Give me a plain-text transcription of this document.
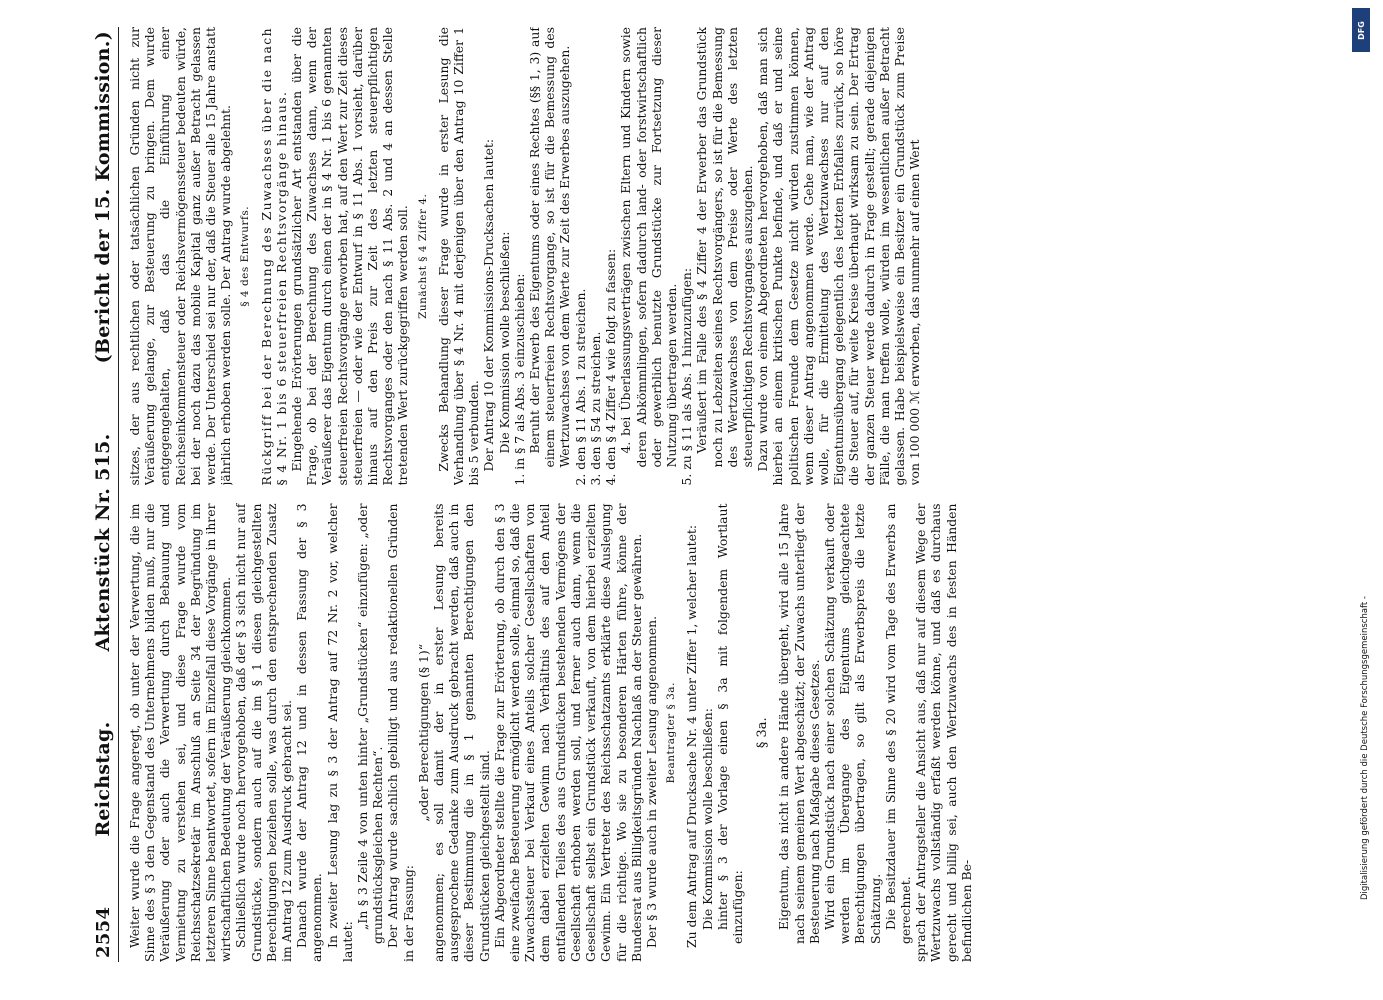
2554
Reichstag.
Aktenstück Nr. 515.
(Bericht der 15. Kommission.)

Weiter wurde die Frage angeregt, ob unter der Verwertung, die im Sinne des § 3 den Gegenstand des Unternehmens bilden muß, nur die Veräußerung oder auch die Verwertung durch Bebauung und Vermietung zu verstehen sei, und diese Frage wurde vom Reichsschatzsekretär im Anschluß an Seite 34 der Begründung im letzteren Sinne beantwortet, sofern im Einzelfall diese Vorgänge in ihrer wirtschaftlichen Bedeutung der Veräußerung gleichkommen. Schließlich wurde noch hervorgehoben, daß der § 3 sich nicht nur auf Grundstücke, sondern auch auf die im § 1 diesen gleichgestellten Berechtigungen beziehen solle, was durch den entsprechenden Zusatz im Antrag 12 zum Ausdruck gebracht sei. Danach wurde der Antrag 12 und in dessen Fassung der § 3 angenommen. In zweiter Lesung lag zu § 3 der Antrag auf 72 Nr. 2 vor, welcher lautet:

„In § 3 Zeile 4 von unten hinter „Grundstücken“ einzufügen: „oder grundstücksgleichen Rechten“. Der Antrag wurde sachlich gebilligt und aus redaktionellen Gründen in der Fassung:

„oder Berechtigungen (§ 1)“ angenommen; es soll damit der in erster Lesung bereits ausgesprochene Gedanke zum Ausdruck gebracht werden, daß auch in dieser Bestimmung die in § 1 genannten Berechtigungen den Grundstücken gleichgestellt sind. Ein Abgeordneter stellte die Frage zur Erörterung, ob durch den § 3 eine zweifache Besteuerung ermöglicht werden solle, einmal so, daß die Zuwachssteuer bei Verkauf eines Anteils solcher Gesellschaften von dem dabei erzielten Gewinn nach Verhältnis des auf den Anteil entfallenden Teiles des aus Grundstücken bestehenden Vermögens der Gesellschaft erhoben werden soll, und ferner auch dann, wenn die Gesellschaft selbst ein Grundstück verkauft, von dem hierbei erzielten Gewinn. Ein Vertreter des Reichsschatzamts erklärte diese Auslegung für die richtige. Wo sie zu besonderen Härten führe, könne der Bundesrat aus Billigkeitsgründen Nachlaß an der Steuer gewähren. Der § 3 wurde auch in zweiter Lesung angenommen. Beantragter § 3a. Zu dem Antrag auf Drucksache Nr. 4 unter Ziffer 1, welcher lautet: Die Kommission wolle beschließen: hinter § 3 der Vorlage einen § 3a mit folgendem Wortlaut einzufügen:

§ 3a. Eigentum, das nicht in andere Hände übergeht, wird alle 15 Jahre nach seinem gemeinen Wert abgeschätzt; der Zuwachs unterliegt der Besteuerung nach Maßgabe dieses Gesetzes. Wird ein Grundstück nach einer solchen Schätzung verkauft oder werden im Übergange des Eigentums gleichgeachtete Berechtigungen übertragen, so gilt als Erwerbspreis die letzte Schätzung. Die Besitzdauer im Sinne des § 20 wird vom Tage des Erwerbs an gerechnet. sprach der Antragsteller die Ansicht aus, daß nur auf diesem Wege der Wertzuwachs vollständig erfaßt werden könne, und daß es durchaus gerecht und billig sei, auch den Wertzuwachs des in festen Händen befindlichen Be-

sitzes, der aus rechtlichen oder tatsächlichen Gründen nicht zur Veräußerung gelange, zur Besteuerung zu bringen. Dem wurde entgegengehalten, daß das die Einführung einer Reichseinkommensteuer oder Reichsvermögenssteuer bedeuten würde, bei der noch dazu das mobile Kapital ganz außer Betracht gelassen werde. Der Unterschied sei nur der, daß die Steuer alle 15 Jahre anstatt jährlich erhoben werden solle. Der Antrag wurde abgelehnt. § 4 des Entwurfs. Rückgriff bei der Berechnung des Zuwachses über die nach § 4 Nr. 1 bis 6 steuerfreien Rechtsvorgänge hinaus. Eingehende Erörterungen grundsätzlicher Art entstanden über die Frage, ob bei der Berechnung des Zuwachses dann, wenn der Veräußerer das Eigentum durch einen der in § 4 Nr. 1 bis 6 genannten steuerfreien Rechtsvorgänge erworben hat, auf den Wert zur Zeit dieses steuerfreien — oder wie der Entwurf in § 11 Abs. 1 vorsieht, darüber hinaus auf den Preis zur Zeit des letzten steuerpflichtigen Rechtsvorganges oder den nach § 11 Abs. 2 und 4 an dessen Stelle tretenden Wert zurückgegriffen werden soll. Zunächst § 4 Ziffer 4. Zwecks Behandlung dieser Frage wurde in erster Lesung die Verhandlung über § 4 Nr. 4 mit derjenigen über den Antrag 10 Ziffer 1 bis 5 verbunden. Der Antrag 10 der Kommissions-Drucksachen lautet: Die Kommission wolle beschließen: 1. in § 7 als Abs. 3 einzuschieben: Beruht der Erwerb des Eigentums oder eines Rechtes (§§ 1, 3) auf einem steuerfreien Rechtsvorgange, so ist für die Bemessung des Wertzuwachses von dem Werte zur Zeit des Erwerbes auszugehen. 2. den § 11 Abs. 1 zu streichen. 3. den § 54 zu streichen. 4. den § 4 Ziffer 4 wie folgt zu fassen: 4. bei Überlassungsverträgen zwischen Eltern und Kindern sowie deren Abkömmlingen, sofern dadurch land- oder forstwirtschaftlich oder gewerblich benutzte Grundstücke zur Fortsetzung dieser Nutzung übertragen werden. 5. zu § 11 als Abs. 1 hinzuzufügen: Veräußert im Falle des § 4 Ziffer 4 der Erwerber das Grundstück noch zu Lebzeiten seines Rechtsvorgängers, so ist für die Bemessung des Wertzuwachses von dem Preise oder Werte des letzten steuerpflichtigen Rechtsvorganges auszugehen. Dazu wurde von einem Abgeordneten hervorgehoben, daß man sich hierbei an einem kritischen Punkte befinde, und daß er und seine politischen Freunde dem Gesetze nicht würden zustimmen können, wenn dieser Antrag angenommen werde. Gehe man, wie der Antrag wolle, für die Ermittelung des Wertzuwachses nur auf den Eigentumsübergang gelegentlich des letzten Erbfalles zurück, so höre die Steuer auf, für weite Kreise überhaupt wirksam zu sein. Der Ertrag der ganzen Steuer werde dadurch in Frage gestellt; gerade diejenigen Fälle, die man treffen wolle, würden im wesentlichen außer Betracht gelassen. Habe beispielsweise ein Besitzer ein Grundstück zum Preise von 100 000 ℳ erworben, das nunmehr auf einen Wert

DFG
Digitalisierung gefördert durch die Deutsche Forschungsgemeinschaft -
